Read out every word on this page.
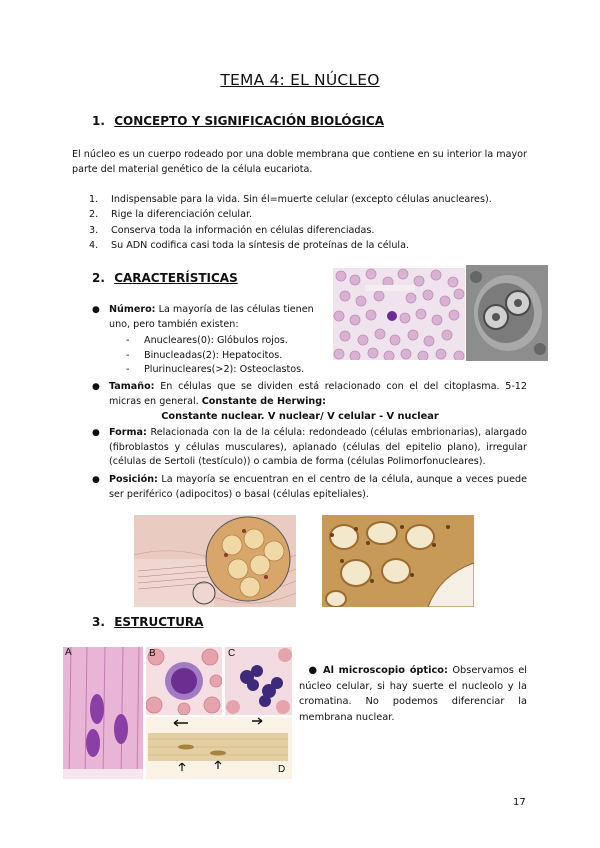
TEMA 4: EL NÚCLEO
1. CONCEPTO Y SIGNIFICACIÓN BIOLÓGICA
El núcleo es un cuerpo rodeado por una doble membrana que contiene en su interior la mayor parte del material genético de la célula eucariota.
1. Indispensable para la vida. Sin él=muerte celular (excepto células anucleares).
2. Rige la diferenciación celular.
3. Conserva toda la información en células diferenciadas.
4. Su ADN codifica casi toda la síntesis de proteínas de la célula.
2. CARACTERÍSTICAS
● Número: La mayoría de las células tienen uno, pero también existen:
- Anucleares(0): Glóbulos rojos.
- Binucleadas(2): Hepatocitos.
- Plurinucleares(>2): Osteoclastos.
● Tamaño: En células que se dividen está relacionado con el del citoplasma. 5-12 micras en general. Constante de Herwing:
Constante nuclear. V nuclear/ V celular - V nuclear
● Forma: Relacionada con la de la célula: redondeado (células embrionarias), alargado (fibroblastos y células musculares), aplanado (células del epitelio plano), irregular (células de Sertoli (testículo)) o cambia de forma (células Polimorfonucleares).
● Posición: La mayoría se encuentran en el centro de la célula, aunque a veces puede ser periférico (adipocitos) o basal (células epiteliales).
3. ESTRUCTURA
A	B	C
D
● Al microscopio óptico: Observamos el núcleo celular, si hay suerte el nucleolo y la cromatina. No podemos diferenciar la membrana nuclear.
17
